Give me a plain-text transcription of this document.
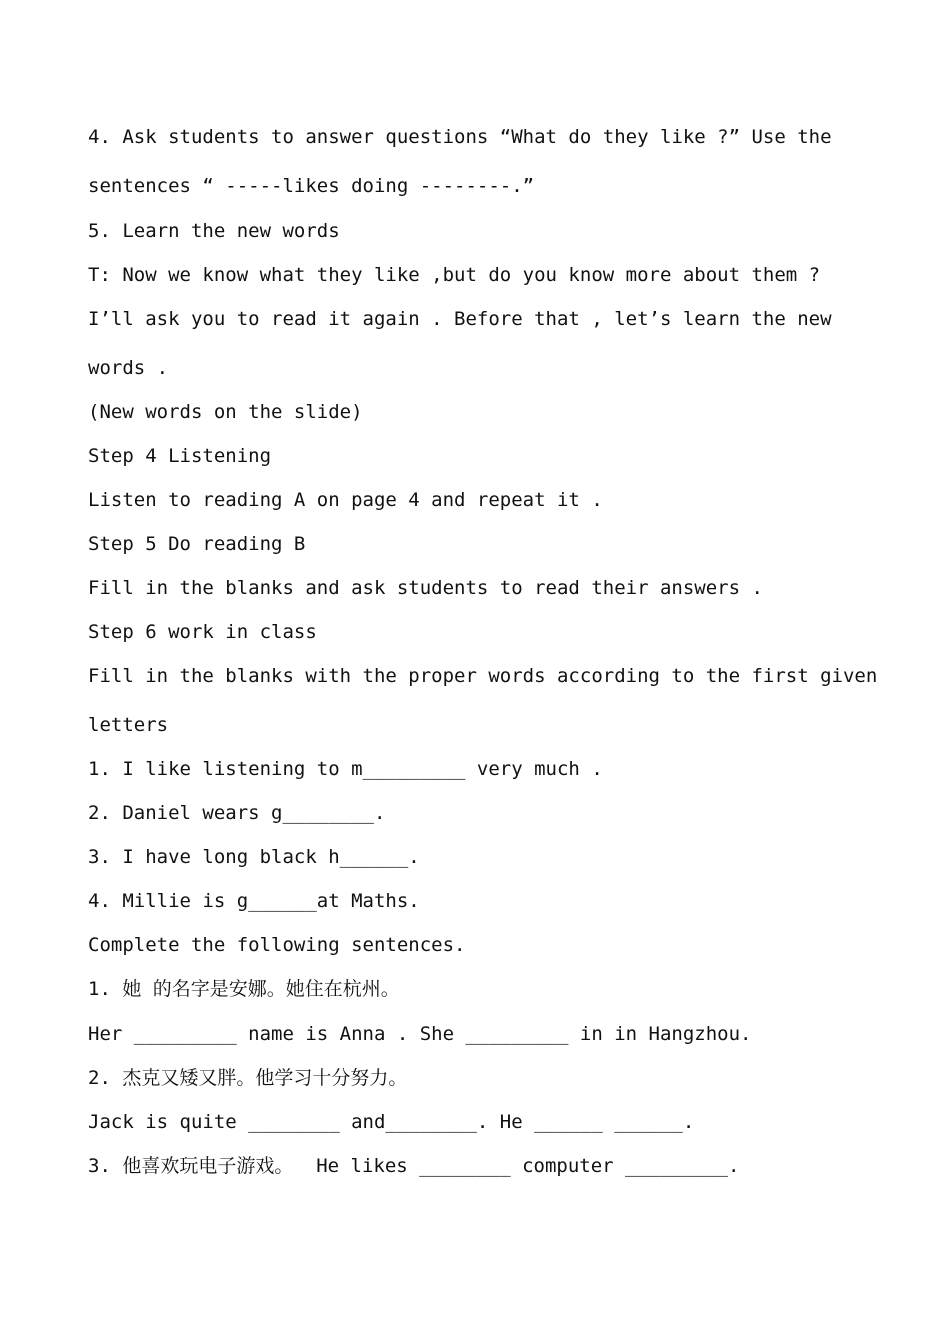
4. Ask students to answer questions “What do they like ?” Use the
sentences “ -----likes doing --------.”
5. Learn the new words
T: Now we know what they like ,but do you know more about them ?
I’ll ask you to read it again . Before that , let’s learn the new
words .
(New words on the slide)
Step 4 Listening
Listen to reading A on page 4 and repeat it .
Step 5 Do reading B
Fill in the blanks and ask students to read their answers .
Step 6 work in class
Fill in the blanks with the proper words according to the first given
letters
1. I like listening to m_________ very much .
2. Daniel wears g________.
3. I have long black h______.
4. Millie is g______at Maths.
Complete the following sentences.
1. 她 的名字是安娜。她住在杭州。
Her _________ name is Anna . She _________ in in Hangzhou.
2. 杰克又矮又胖。他学习十分努力。
Jack is quite ________ and________. He ______ ______.
3. 他喜欢玩电子游戏。  He likes ________ computer _________.
